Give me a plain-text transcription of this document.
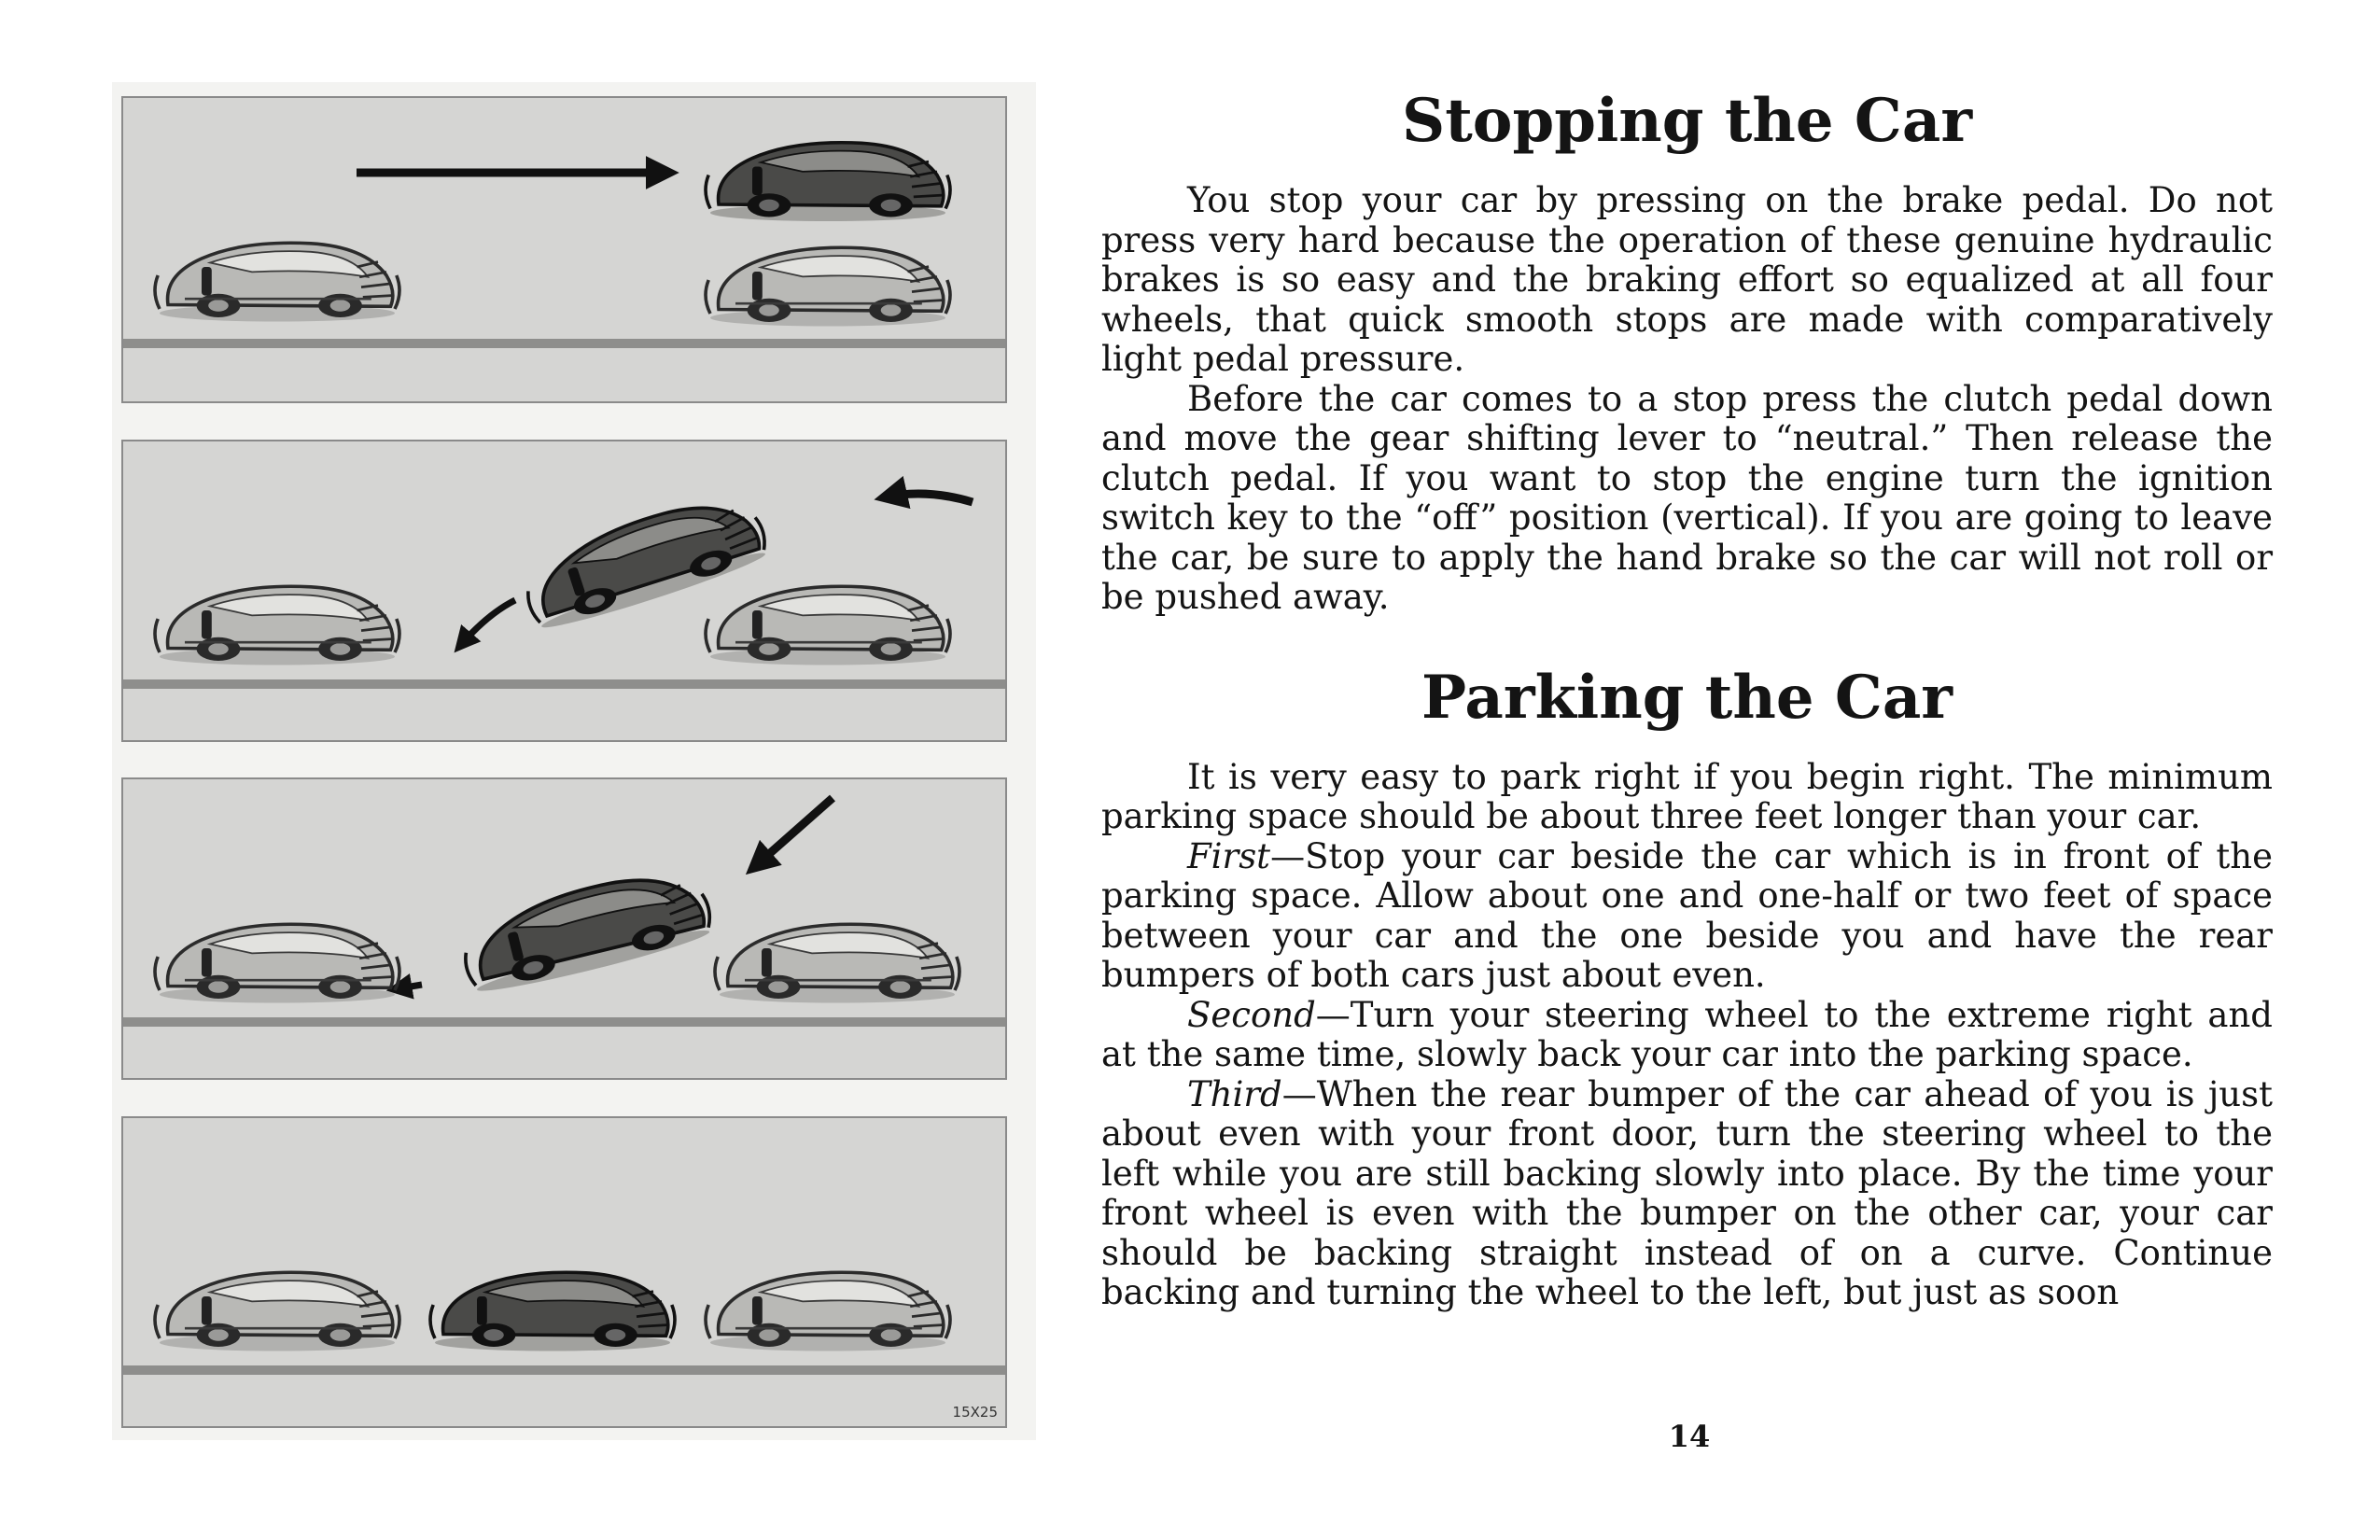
15X25
Stopping the Car

You stop your car by pressing on the brake pedal. Do not press very hard because the operation of these genuine hydraulic brakes is so easy and the braking effort so equalized at all four wheels, that quick smooth stops are made with comparatively light pedal pressure.

Before the car comes to a stop press the clutch pedal down and move the gear shifting lever to “neutral.” Then release the clutch pedal. If you want to stop the engine turn the ignition switch key to the “off” position (vertical). If you are going to leave the car, be sure to apply the hand brake so the car will not roll or be pushed away.

Parking the Car

It is very easy to park right if you begin right. The minimum parking space should be about three feet longer than your car.

First—Stop your car beside the car which is in front of the parking space. Allow about one and one-half or two feet of space between your car and the one beside you and have the rear bumpers of both cars just about even.

Second—Turn your steering wheel to the extreme right and at the same time, slowly back your car into the parking space.

Third—When the rear bumper of the car ahead of you is just about even with your front door, turn the steering wheel to the left while you are still backing slowly into place. By the time your front wheel is even with the bumper on the other car, your car should be backing straight instead of on a curve. Continue backing and turning the wheel to the left, but just as soon

14
